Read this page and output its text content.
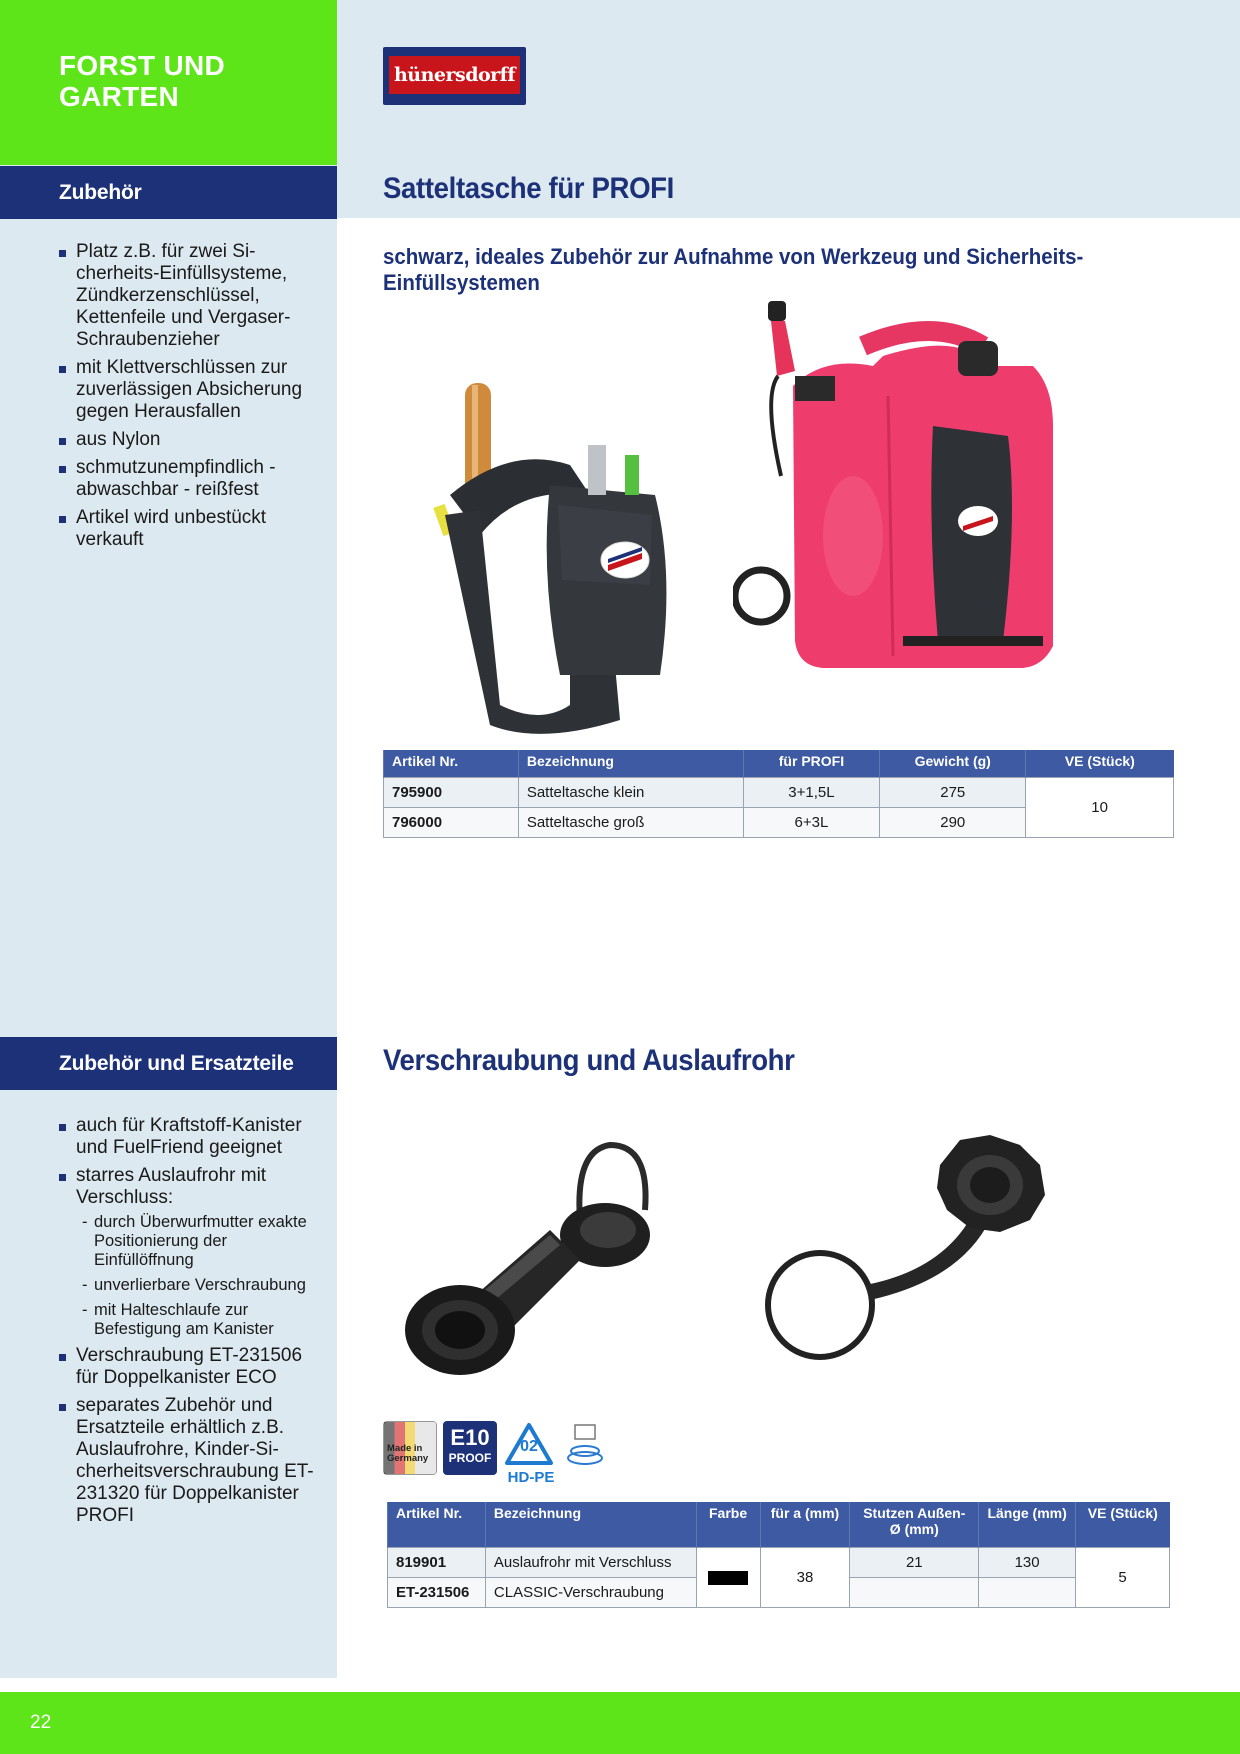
FORST UND
GARTEN
Zubehör
Platz z.B. für zwei Sicherheits-Einfüllsysteme, Zündkerzenschlüssel, Kettenfeile und Vergaser-Schraubenzieher
mit Klettverschlüssen zur zuverlässigen Absicherung gegen Herausfallen
aus Nylon
schmutzunempfindlich - abwaschbar - reißfest
Artikel wird unbestückt verkauft
Zubehör und Ersatzteile
auch für Kraftstoff-Kanister und FuelFriend geeignet
starres Auslaufrohr mit Verschluss:
- durch Überwurfmutter exakte Positionierung der Einfüllöffnung
- unverlierbare Verschraubung
- mit Halteschlaufe zur Befestigung am Kanister
Verschraubung ET-231506 für Doppelkanister ECO
separates Zubehör und Ersatzteile erhältlich z.B. Auslaufrohre, Kinder-Sicherheitsverschraubung ET-231320 für Doppelkanister PROFI
hünersdorff
Satteltasche für PROFI
schwarz, ideales Zubehör zur Aufnahme von Werkzeug und Sicherheits-Einfüllsystemen
Artikel Nr.	Bezeichnung	für PROFI	Gewicht (g)	VE (Stück)
795900	Satteltasche klein	3+1,5L	275	10
796000	Satteltasche groß	6+3L	290	
Verschraubung und Auslaufrohr
Made in
Germany
E10
PROOF
02
HD-PE
Artikel Nr.	Bezeichnung	Farbe	für a (mm)	Stutzen Außen-Ø (mm)	Länge (mm)	VE (Stück)
819901	Auslaufrohr mit Verschluss		38	21	130	5
ET-231506	CLASSIC-Verschraubung					
22
